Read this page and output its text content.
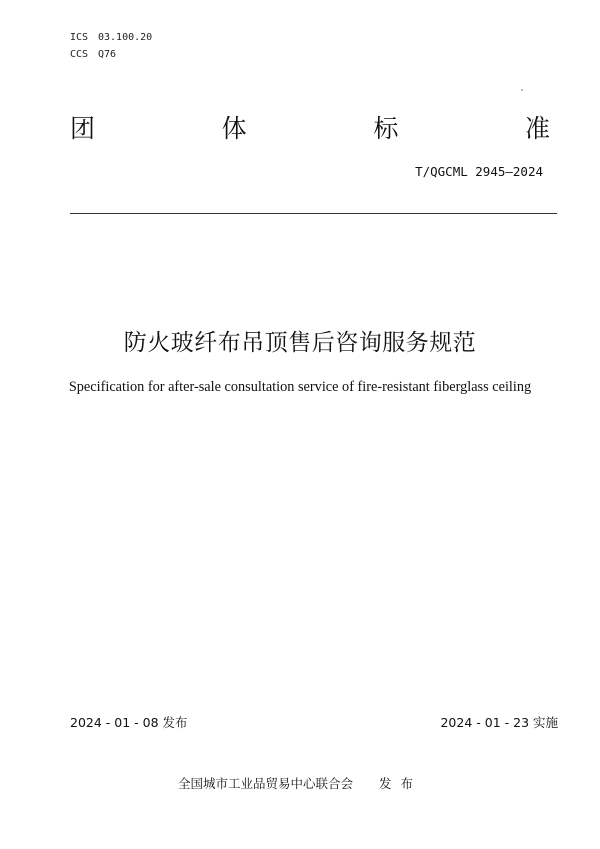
ICS 03.100.20
CCS Q76
团	体	标	准
T/QGCML 2945—2024
防火玻纤布吊顶售后咨询服务规范
Specification for after-sale consultation service of fire-resistant fiberglass ceiling
2024 - 01 - 08 发布	2024 - 01 - 23 实施
全国城市工业品贸易中心联合会 发布
